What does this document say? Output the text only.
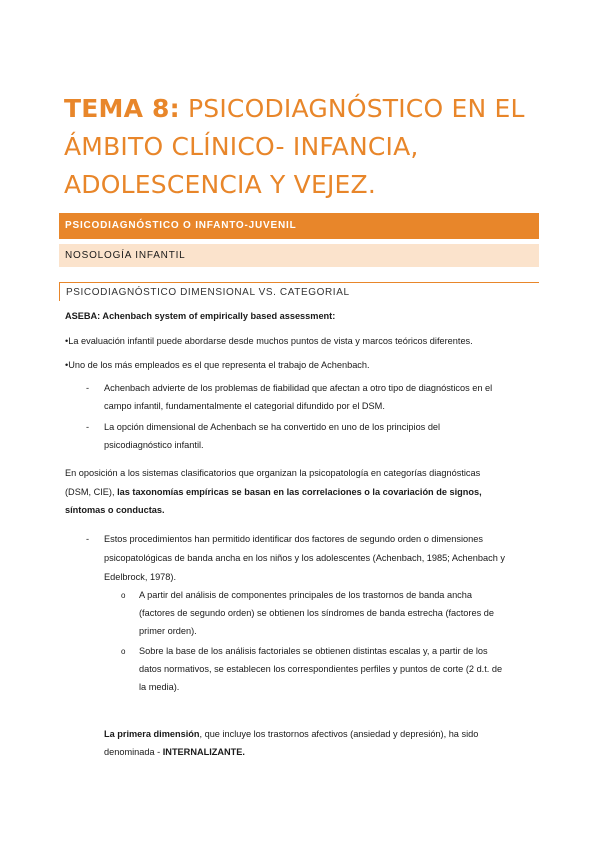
TEMA 8: PSICODIAGNÓSTICO EN EL ÁMBITO CLÍNICO- INFANCIA, ADOLESCENCIA Y VEJEZ.
PSICODIAGNÓSTICO O INFANTO-JUVENIL
NOSOLOGÍA INFANTIL
PSICODIAGNÓSTICO DIMENSIONAL VS. CATEGORIAL
ASEBA: Achenbach system of empirically based assessment:
•La evaluación infantil puede abordarse desde muchos puntos de vista y marcos teóricos diferentes.
•Uno de los más empleados es el que representa el trabajo de Achenbach.
- Achenbach advierte de los problemas de fiabilidad que afectan a otro tipo de diagnósticos en el
campo infantil, fundamentalmente el categorial difundido por el DSM.
- La opción dimensional de Achenbach se ha convertido en uno de los principios del
psicodiagnóstico infantil.
En oposición a los sistemas clasificatorios que organizan la psicopatología en categorías diagnósticas
(DSM, CIE), las taxonomías empíricas se basan en las correlaciones o la covariación de signos,
síntomas o conductas.
- Estos procedimientos han permitido identificar dos factores de segundo orden o dimensiones
psicopatológicas de banda ancha en los niños y los adolescentes (Achenbach, 1985; Achenbach y
Edelbrock, 1978).
o A partir del análisis de componentes principales de los trastornos de banda ancha
(factores de segundo orden) se obtienen los síndromes de banda estrecha (factores de
primer orden).
o Sobre la base de los análisis factoriales se obtienen distintas escalas y, a partir de los
datos normativos, se establecen los correspondientes perfiles y puntos de corte (2 d.t. de
la media).
La primera dimensión, que incluye los trastornos afectivos (ansiedad y depresión), ha sido
denominada - INTERNALIZANTE.
